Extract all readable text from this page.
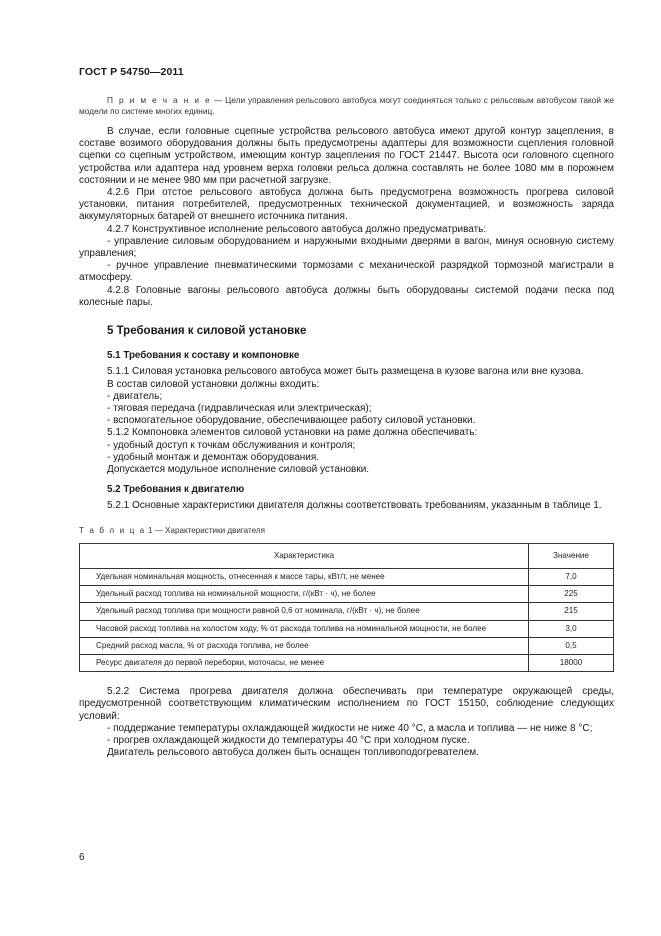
ГОСТ Р 54750—2011

П р и м е ч а н и е — Цели управления рельсового автобуса могут соединяться только с рельсовым автобусом такой же модели по системе многих единиц.

В случае, если головные сцепные устройства рельсового автобуса имеют другой контур зацепления, в составе возимого оборудования должны быть предусмотрены адаптеры для возможности сцепления головной сцепки со сцепным устройством, имеющим контур зацепления по ГОСТ 21447. Высота оси головного сцепного устройства или адаптера над уровнем верха головки рельса должна составлять не более 1080 мм в порожнем состоянии и не менее 980 мм при расчетной загрузке.

4.2.6 При отстое рельсового автобуса должна быть предусмотрена возможность прогрева силовой установки, питания потребителей, предусмотренных технической документацией, и возможность заряда аккумуляторных батарей от внешнего источника питания.

4.2.7 Конструктивное исполнение рельсового автобуса должно предусматривать:

- управление силовым оборудованием и наружными входными дверями в вагон, минуя основную систему управления;

- ручное управление пневматическими тормозами с механической разрядкой тормозной магистрали в атмосферу.

4.2.8 Головные вагоны рельсового автобуса должны быть оборудованы системой подачи песка под колесные пары.

5 Требования к силовой установке

5.1 Требования к составу и компоновке

5.1.1 Силовая установка рельсового автобуса может быть размещена в кузове вагона или вне кузова.

В состав силовой установки должны входить:

- двигатель;

- тяговая передача (гидравлическая или электрическая);

- вспомогательное оборудование, обеспечивающее работу силовой установки.

5.1.2 Компоновка элементов силовой установки на раме должна обеспечивать:

- удобный доступ к точкам обслуживания и контроля;

- удобный монтаж и демонтаж оборудования.

Допускается модульное исполнение силовой установки.

5.2 Требования к двигателю

5.2.1 Основные характеристики двигателя должны соответствовать требованиям, указанным в таблице 1.

Т а б л и ц а 1 — Характеристики двигателя

Характеристика	Значение
Удельная номинальная мощность, отнесенная к массе тары, кВт/т, не менее	7,0
Удельный расход топлива на номинальной мощности, г/(кВт · ч), не более	225
Удельный расход топлива при мощности равной 0,6 от номинала, г/(кВт · ч), не более	215
Часовой расход топлива на холостом ходу, % от расхода топлива на номинальной мощности, не более	3,0
Средний расход масла, % от расхода топлива, не более	0,5
Ресурс двигателя до первой переборки, моточасы, не менее	18000

5.2.2 Система прогрева двигателя должна обеспечивать при температуре окружающей среды, предусмотренной соответствующим климатическим исполнением по ГОСТ 15150, соблюдение следующих условий:

- поддержание температуры охлаждающей жидкости не ниже 40 °С, а масла и топлива — не ниже 8 °С;

- прогрев охлаждающей жидкости до температуры 40 °С при холодном пуске.

Двигатель рельсового автобуса должен быть оснащен топливоподогревателем.

6
